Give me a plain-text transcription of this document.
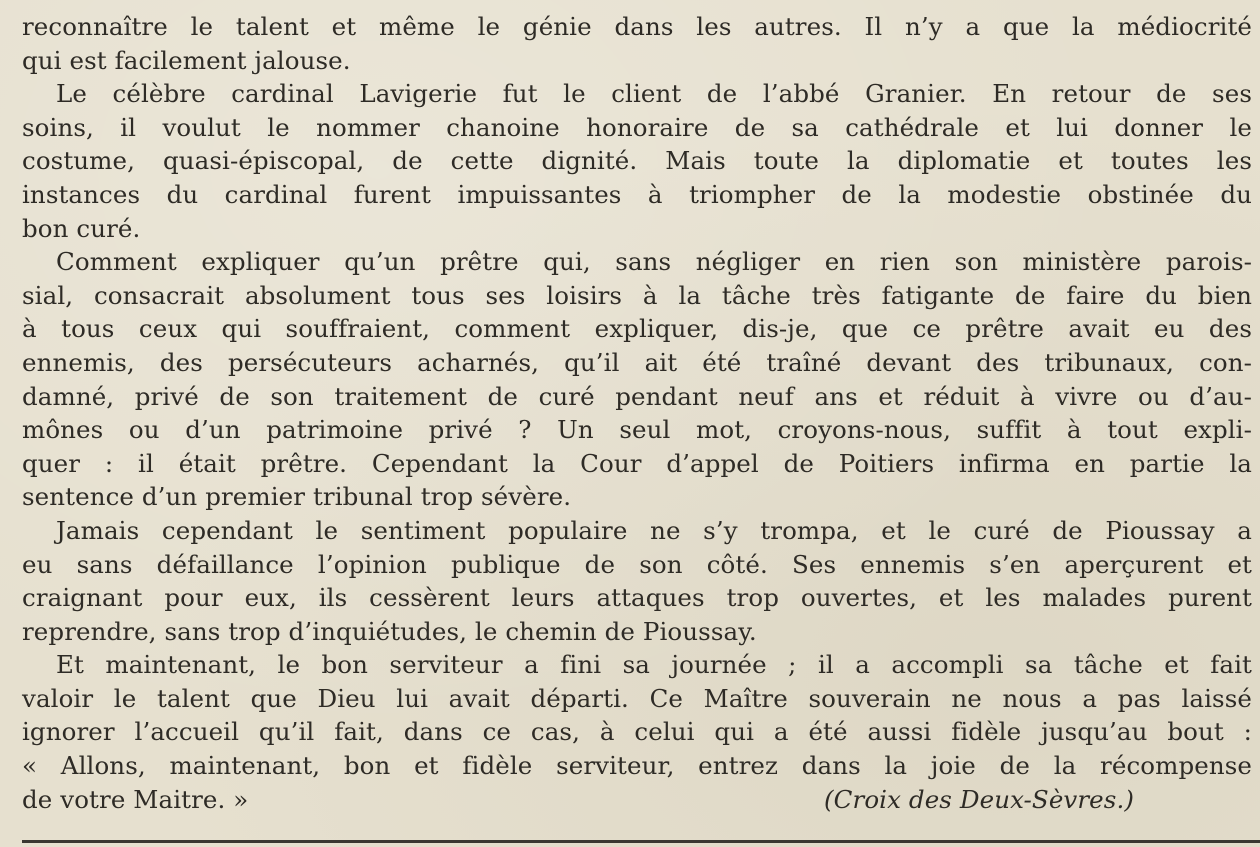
reconnaître le talent et même le génie dans les autres. Il n’y a que la médiocrité
qui est facilement jalouse.
Le célèbre cardinal Lavigerie fut le client de l’abbé Granier. En retour de ses
soins, il voulut le nommer chanoine honoraire de sa cathédrale et lui donner le
costume, quasi-épiscopal, de cette dignité. Mais toute la diplomatie et toutes les
instances du cardinal furent impuissantes à triompher de la modestie obstinée du
bon curé.
Comment expliquer qu’un prêtre qui, sans négliger en rien son ministère parois-
sial, consacrait absolument tous ses loisirs à la tâche très fatigante de faire du bien
à tous ceux qui souffraient, comment expliquer, dis-je, que ce prêtre avait eu des
ennemis, des persécuteurs acharnés, qu’il ait été traîné devant des tribunaux, con-
damné, privé de son traitement de curé pendant neuf ans et réduit à vivre ou d’au-
mônes ou d’un patrimoine privé ? Un seul mot, croyons-nous, suffit à tout expli-
quer : il était prêtre. Cependant la Cour d’appel de Poitiers infirma en partie la
sentence d’un premier tribunal trop sévère.
Jamais cependant le sentiment populaire ne s’y trompa, et le curé de Pioussay a
eu sans défaillance l’opinion publique de son côté. Ses ennemis s’en aperçurent et
craignant pour eux, ils cessèrent leurs attaques trop ouvertes, et les malades purent
reprendre, sans trop d’inquiétudes, le chemin de Pioussay.
Et maintenant, le bon serviteur a fini sa journée ; il a accompli sa tâche et fait
valoir le talent que Dieu lui avait départi. Ce Maître souverain ne nous a pas laissé
ignorer l’accueil qu’il fait, dans ce cas, à celui qui a été aussi fidèle jusqu’au bout :
« Allons, maintenant, bon et fidèle serviteur, entrez dans la joie de la récompense
de votre Maitre. »	(Croix des Deux-Sèvres.)
